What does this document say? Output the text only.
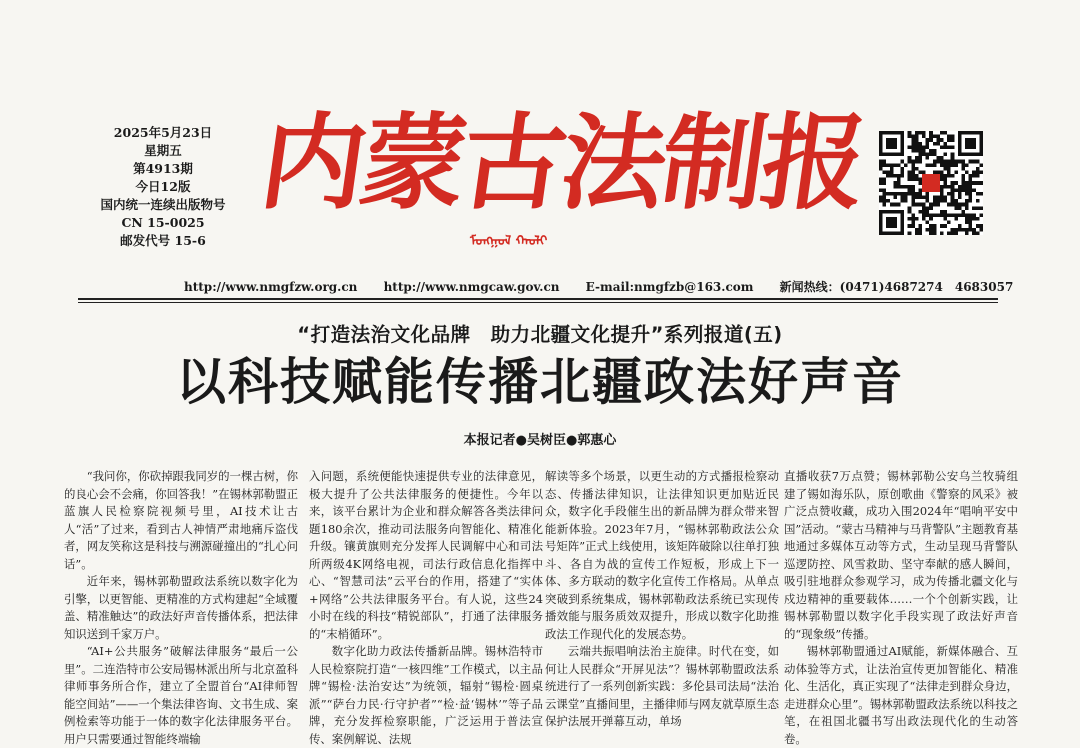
2025年5月23日
星期五
第4913期
今日12版
国内统一连续出版物号
CN 15-0025
邮发代号 15-6
内蒙古法制报
ᠮᠣᠩᠭᠣᠯ ᠬᠠᠤᠯᠢ
http://www.nmgfzw.org.cn http://www.nmgcaw.gov.cn E-mail:nmgfzb@163.com 新闻热线：(0471)4687274　4683057
“打造法治文化品牌　助力北疆文化提升”系列报道(五)
以科技赋能传播北疆政法好声音
本报记者●吴树臣●郭惠心

“我问你，你砍掉跟我同岁的一棵古树，你的良心会不会痛，你回答我！”在锡林郭勒盟正蓝旗人民检察院视频号里，AI技术让古人“活”了过来，看到古人神情严肃地痛斥盗伐者，网友笑称这是科技与溯源碰撞出的“扎心问话”。

近年来，锡林郭勒盟政法系统以数字化为引擎，以更智能、更精准的方式构建起“全域覆盖、精准触达”的政法好声音传播体系，把法律知识送到千家万户。

“AI+公共服务”破解法律服务“最后一公里”。二连浩特市公安局锡林派出所与北京盈科律师事务所合作，建立了全盟首台“AI律师智能空间站”——一个集法律咨询、文书生成、案例检索等功能于一体的数字化法律服务平台。用户只需要通过智能终端输

入问题，系统便能快速提供专业的法律意见，极大提升了公共法律服务的便捷性。今年以来，该平台累计为企业和群众解答各类法律问题180余次，推动司法服务向智能化、精准化升级。镶黄旗则充分发挥人民调解中心和司法所两级4K网络电视，司法行政信息化指挥中心、“智慧司法”云平台的作用，搭建了“实体+网络”公共法律服务平台。有人说，这些24小时在线的科技“精锐部队”，打通了法律服务的“末梢循环”。

数字化助力政法传播新品牌。锡林浩特市人民检察院打造“一核四维”工作模式，以主品牌“锡检·法治安达”为统领，辐射“锡检·圆桌派”“萨台力民·行守护者”“检·益‘锡林’”等子品牌，充分发挥检察职能，广泛运用于普法宣传、案例解说、法规

解读等多个场景，以更生动的方式播报检察动态、传播法律知识，让法律知识更加贴近民众，数字化手段催生出的新品牌为群众带来智能新体验。2023年7月，“锡林郭勒政法公众号矩阵”正式上线使用，该矩阵破除以往单打独斗、各自为战的宣传工作短板，形成上下一体、多方联动的数字化宣传工作格局。从单点突破到系统集成，锡林郭勒政法系统已实现传播效能与服务质效双提升，形成以数字化助推政法工作现代化的发展态势。

云端共振唱响法治主旋律。时代在变，如何让人民群众“开屏见法”？锡林郭勒盟政法系统进行了一系列创新实践：多伦县司法局“法治云课堂”直播间里，主播律师与网友就草原生态保护法展开弹幕互动，单场

直播收获7万点赞；锡林郭勒公安乌兰牧骑组建了锡如海乐队，原创歌曲《警察的风采》被广泛点赞收藏，成功入围2024年“唱响平安中国”活动。“蒙古马精神与马背警队”主题教育基地通过多媒体互动等方式，生动呈现马背警队巡逻防控、风雪救助、坚守奉献的感人瞬间，吸引驻地群众参观学习，成为传播北疆文化与戍边精神的重要载体……一个个创新实践，让锡林郭勒盟以数字化手段实现了政法好声音的“现象级”传播。

锡林郭勒盟通过AI赋能，新媒体融合、互动体验等方式，让法治宣传更加智能化、精准化、生活化，真正实现了“法律走到群众身边，走进群众心里”。锡林郭勒盟政法系统以科技之笔，在祖国北疆书写出政法现代化的生动答卷。
